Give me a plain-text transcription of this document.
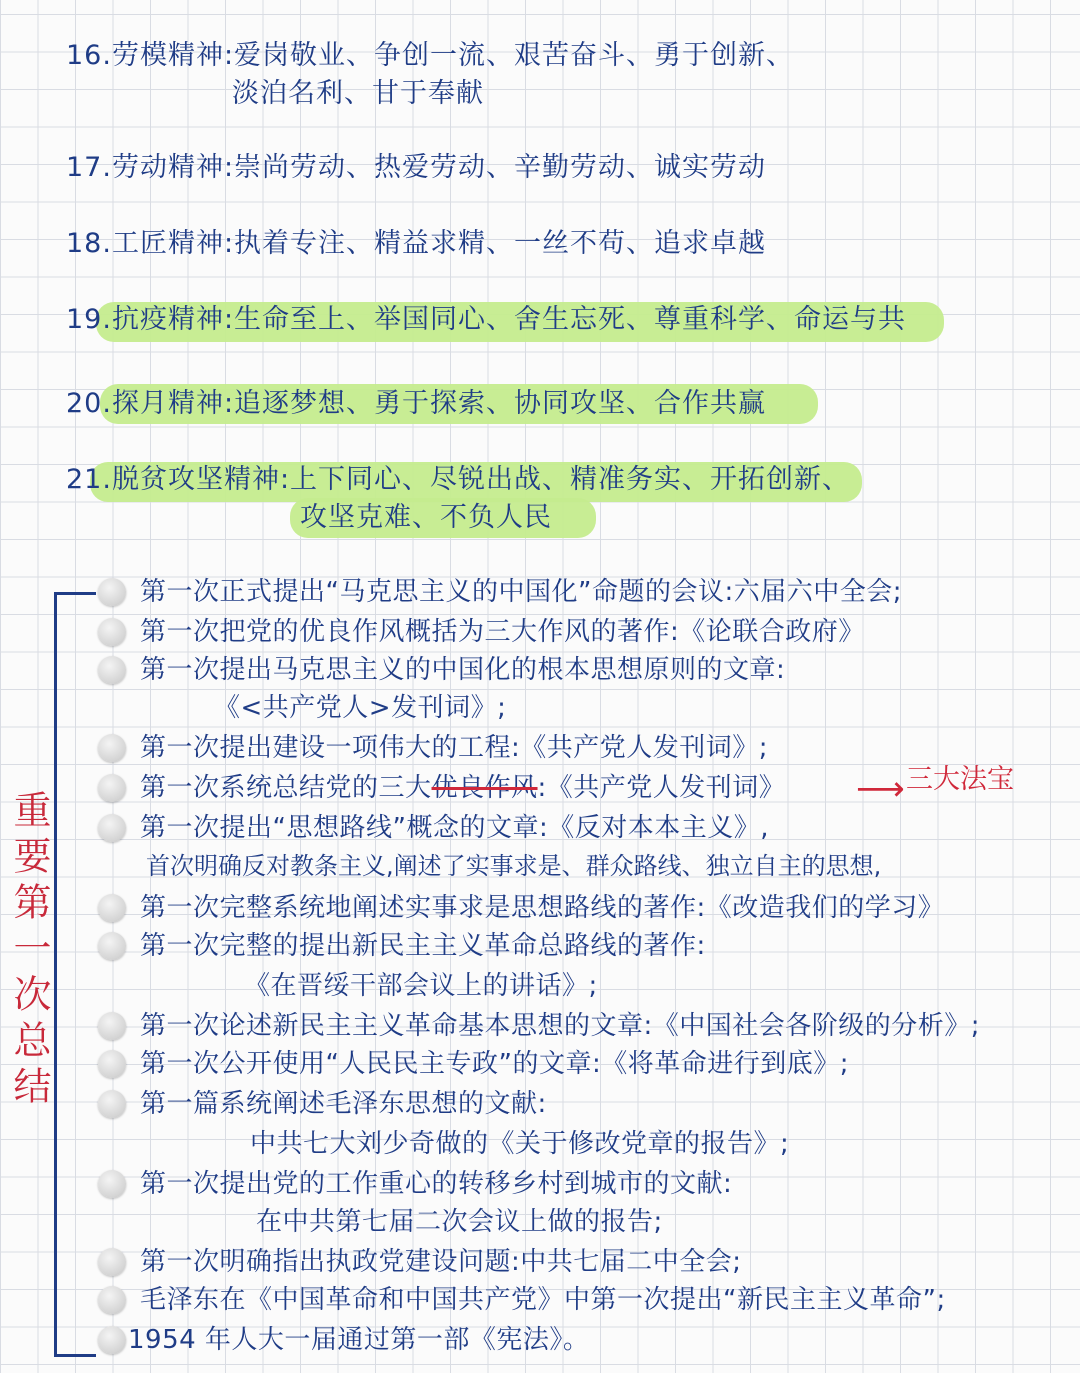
16.劳模精神:爱岗敬业、争创一流、艰苦奋斗、勇于创新、
淡泊名利、甘于奉献
17.劳动精神:崇尚劳动、热爱劳动、辛勤劳动、诚实劳动
18.工匠精神:执着专注、精益求精、一丝不苟、追求卓越
19.抗疫精神:生命至上、举国同心、舍生忘死、尊重科学、命运与共
20.探月精神:追逐梦想、勇于探索、协同攻坚、合作共赢
21.脱贫攻坚精神:上下同心、尽锐出战、精准务实、开拓创新、
攻坚克难、不负人民
重要第一次总结
第一次正式提出“马克思主义的中国化”命题的会议:六届六中全会;
第一次把党的优良作风概括为三大作风的著作:《论联合政府》
第一次提出马克思主义的中国化的根本思想原则的文章:
《<共产党人>发刊词》;
第一次提出建设一项伟大的工程:《共产党人发刊词》;
第一次系统总结党的三大优良作风:《共产党人发刊词》 ⟶ 三大法宝
第一次提出“思想路线”概念的文章:《反对本本主义》,
首次明确反对教条主义,阐述了实事求是、群众路线、独立自主的思想,
第一次完整系统地阐述实事求是思想路线的著作:《改造我们的学习》
第一次完整的提出新民主主义革命总路线的著作:
《在晋绥干部会议上的讲话》;
第一次论述新民主主义革命基本思想的文章:《中国社会各阶级的分析》;
第一次公开使用“人民民主专政”的文章:《将革命进行到底》;
第一篇系统阐述毛泽东思想的文献:
中共七大刘少奇做的《关于修改党章的报告》;
第一次提出党的工作重心的转移乡村到城市的文献:
在中共第七届二次会议上做的报告;
第一次明确指出执政党建设问题:中共七届二中全会;
毛泽东在《中国革命和中国共产党》中第一次提出“新民主主义革命”;
1954 年人大一届通过第一部《宪法》。
